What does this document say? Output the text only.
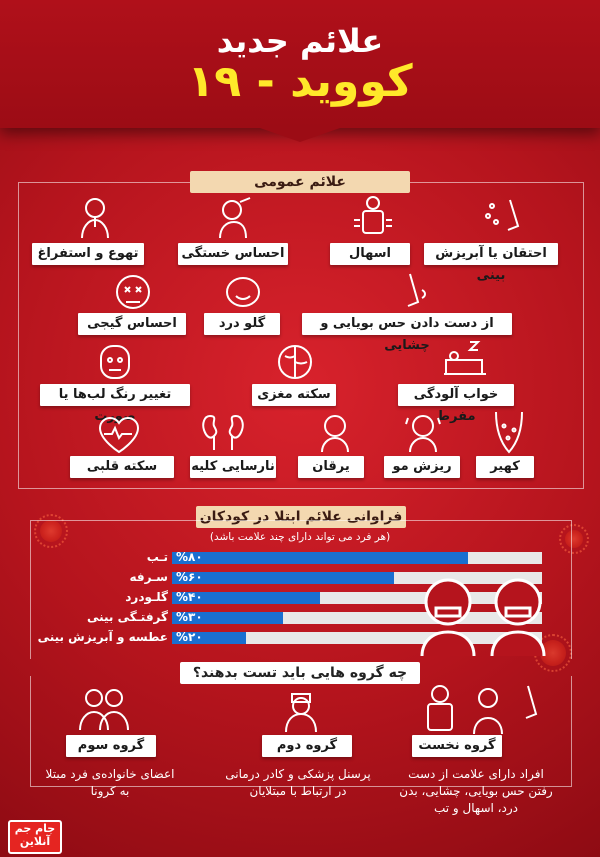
علائم جدید
کووید - ۱۹
علائم عمومی
احتقان یا آبریزش بینی
اسهال
احساس خستگی
تهوع و استفراغ
از دست دادن حس بویایی و چشایی
گلو درد
احساس گیجی
خواب آلودگی مفرط
سکته مغزی
تغییر رنگ لب‌ها یا صورت
کهیر
ریزش مو
یرقان
نارسایی کلیه
سکته قلبی
فراوانی علائم ابتلا در کودکان
(هر فرد می تواند دارای چند علامت باشد)
%۸۰
تـب
%۶۰
سـرفه
%۴۰
گلـودرد
%۳۰
گرفتـگی بینی
%۲۰
عطسه و آبریزش بینی
چه گروه هایی باید تست بدهند؟
گروه نخست
گروه دوم
گروه سوم
افراد دارای علامت از دست رفتن حس بویایی، چشایی، بدن درد، اسهال و تب
پرسنل پزشکی و کادر درمانی در ارتباط با مبتلایان
اعضای خانواده‌ی فرد مبتلا به کرونا
جام جم آنلاین
